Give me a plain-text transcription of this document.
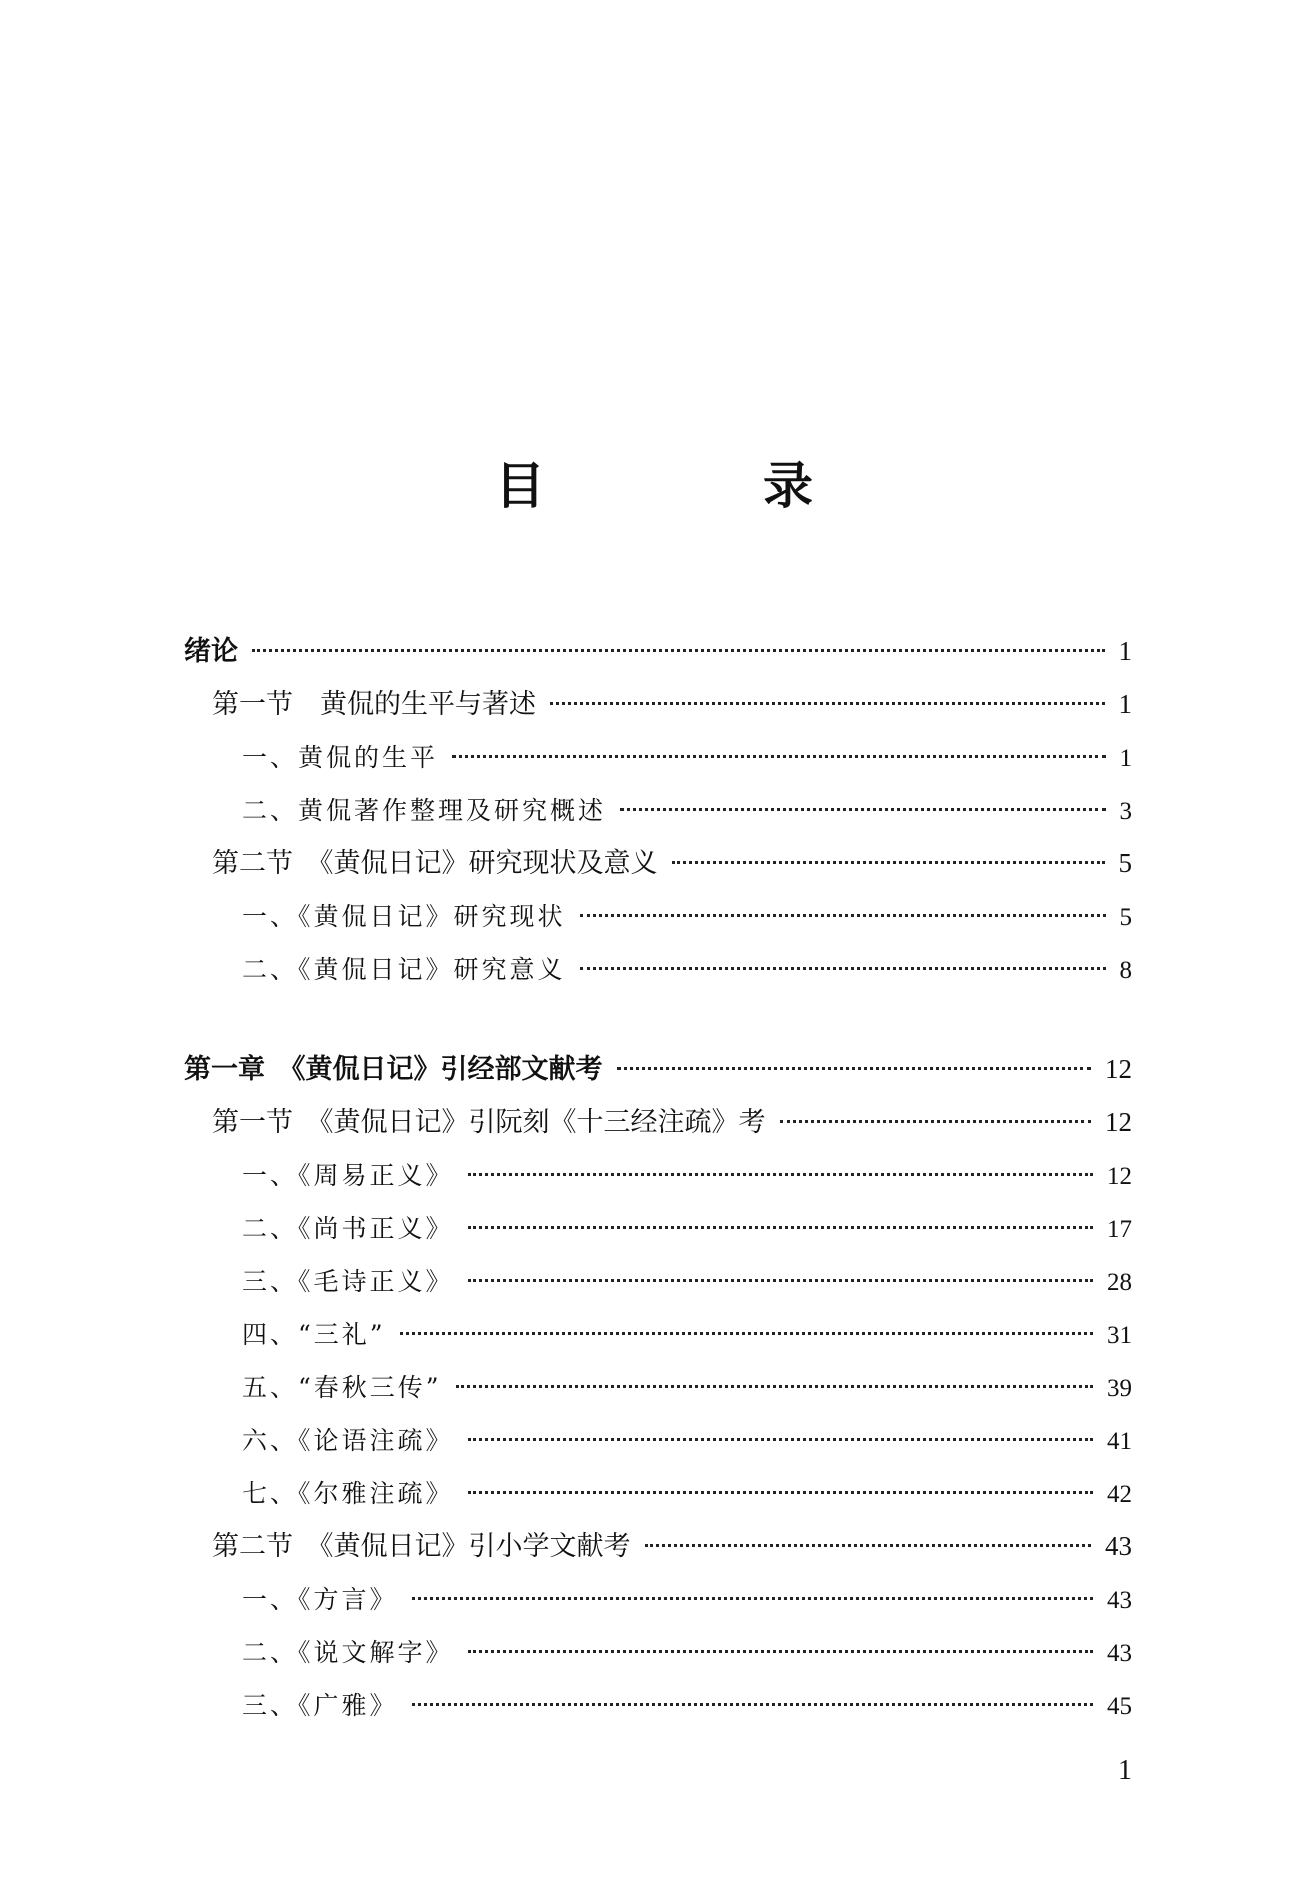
目　录
绪论	1
第一节　黄侃的生平与著述	1
一、黄侃的生平	1
二、黄侃著作整理及研究概述	3
第二节　《黄侃日记》研究现状及意义	5
一、《黄侃日记》研究现状	5
二、《黄侃日记》研究意义	8
第一章　《黄侃日记》引经部文献考	12
第一节　《黄侃日记》引阮刻《十三经注疏》考	12
一、《周易正义》	12
二、《尚书正义》	17
三、《毛诗正义》	28
四、“三礼”	31
五、“春秋三传”	39
六、《论语注疏》	41
七、《尔雅注疏》	42
第二节　《黄侃日记》引小学文献考	43
一、《方言》	43
二、《说文解字》	43
三、《广雅》	45
1
